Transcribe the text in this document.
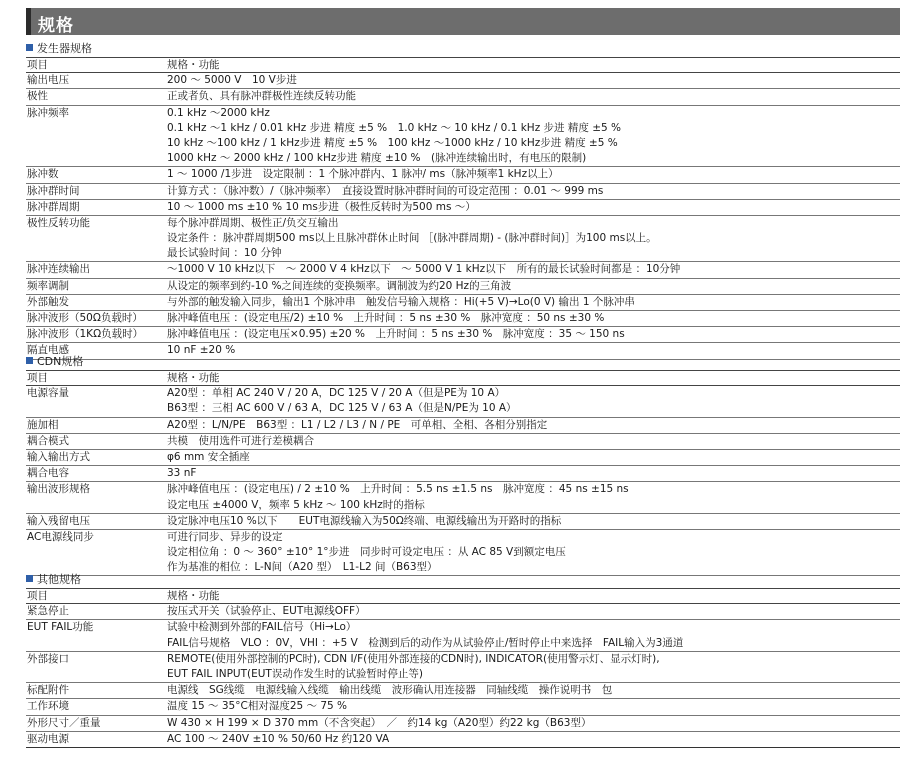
规格
发生器规格
项目	规格・功能

输出电压	200 ～ 5000 V　10 V步进

极性	正或者负、具有脉冲群极性连续反转功能

脉冲频率	0.1 kHz ～2000 kHz
0.1 kHz ～1 kHz / 0.01 kHz 步进 精度 ±5 %　1.0 kHz ～ 10 kHz / 0.1 kHz 步进 精度 ±5 %
10 kHz ～100 kHz / 1 kHz步进 精度 ±5 %　100 kHz ～1000 kHz / 10 kHz步进 精度 ±5 %
1000 kHz ～ 2000 kHz / 100 kHz步进 精度 ±10 %　(脉冲连续输出时，有电压的限制)

脉冲数	1 ～ 1000 /1步进　设定限制 ：1 个脉冲群内、1 脉冲/ ms（脉冲频率1 kHz以上）

脉冲群时间	计算方式 ：（脉冲数）/（脉冲频率）　直接设置时脉冲群时间的可设定范围 ：0.01 ～ 999 ms

脉冲群周期	10 ～ 1000 ms ±10 % 10 ms步进（极性反转时为500 ms ～）

极性反转功能	每个脉冲群周期、极性正/负交互输出
设定条件 ：脉冲群周期500 ms以上且脉冲群休止时间 ［(脉冲群周期) - (脉冲群时间)］为100 ms以上。
最长试验时间 ：10 分钟

脉冲连续输出	～1000 V 10 kHz以下　～ 2000 V 4 kHz以下　～ 5000 V 1 kHz以下　所有的最长试验时间都是 ：10分钟

频率调制	从设定的频率到约-10 %之间连续的变换频率。调制波为约20 Hz的三角波

外部触发	与外部的触发输入同步，输出1 个脉冲串　触发信号输入规格 ：Hi(+5 V)→Lo(0 V) 输出 1 个脉冲串

脉冲波形（50Ω负载时）	脉冲峰值电压 ：(设定电压/2) ±10 %　上升时间 ：5 ns ±30 %　脉冲宽度 ：50 ns ±30 %

脉冲波形（1KΩ负载时）	脉冲峰值电压 ：(设定电压×0.95) ±20 %　上升时间 ：5 ns ±30 %　脉冲宽度 ：35 ～ 150 ns

隔直电感	10 nF ±20 %
CDN规格
项目	规格・功能

电源容量	A20型 ：单相 AC 240 V / 20 A，DC 125 V / 20 A（但是PE为 10 A）
B63型 ：三相 AC 600 V / 63 A，DC 125 V / 63 A（但是N/PE为 10 A）

施加相	A20型 ：L/N/PE　B63型 ：L1 / L2 / L3 / N / PE　可单相、全相、各相分别指定

耦合模式	共模　使用选件可进行差模耦合

输入输出方式	φ6 mm 安全插座

耦合电容	33 nF

输出波形规格	脉冲峰值电压 ：(设定电压) / 2 ±10 %　上升时间 ：5.5 ns ±1.5 ns　脉冲宽度 ：45 ns ±15 ns
设定电压 ±4000 V，频率 5 kHz ～ 100 kHz时的指标

输入残留电压	设定脉冲电压10 %以下　　EUT电源线输入为50Ω终端、电源线输出为开路时的指标

AC电源线同步	可进行同步、异步的设定
设定相位角 ：0 ～ 360° ±10° 1°步进　同步时可设定电压 ：从 AC 85 V到额定电压
作为基准的相位 ：L-N间（A20 型）　L1-L2 间（B63型）
其他规格
项目	规格・功能

紧急停止	按压式开关（试验停止、EUT电源线OFF）

EUT FAIL功能	试验中检测到外部的FAIL信号（Hi→Lo）
FAIL信号规格　VLO ：0V，VHI ：+5 V　检测到后的动作为从试验停止/暂时停止中来选择　FAIL输入为3通道

外部接口	REMOTE(使用外部控制的PC时), CDN I/F(使用外部连接的CDN时), INDICATOR(使用警示灯、显示灯时),
EUT FAIL INPUT(EUT误动作发生时的试验暂时停止等)

标配附件	电源线　SG线缆　电源线输入线缆　输出线缆　波形确认用连接器　同轴线缆　操作说明书　包

工作环境	温度 15 ～ 35°C相对湿度25 ～ 75 %

外形尺寸／重量	W 430 × H 199 × D 370 mm（不含突起）　／　约14 kg（A20型）约22 kg（B63型）

驱动电源	AC 100 ～ 240V ±10 % 50/60 Hz 约120 VA
